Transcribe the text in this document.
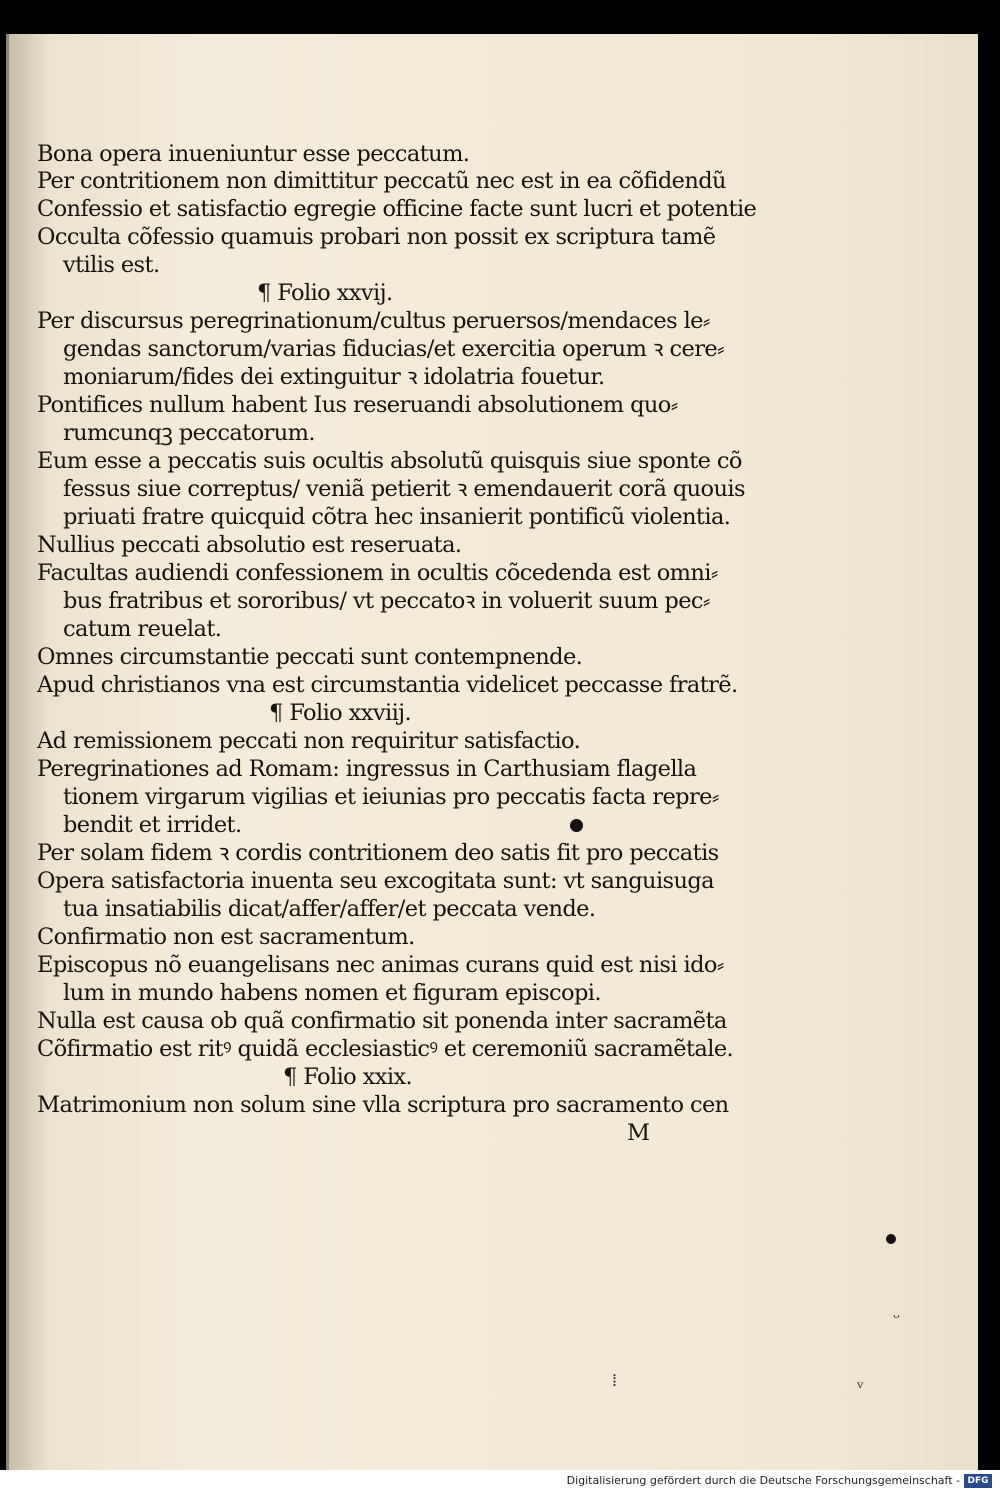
Bona opera inueniuntur esse peccatum.
Per contritionem non dimittitur peccatũ nec est in ea cõfidendũ
Confessio et satisfactio egregie officine facte sunt lucri et potentie
Occulta cõfessio quamuis probari non possit ex scriptura tamẽ
vtilis est.
¶ Folio xxvij.
Per discursus peregrinationum/cultus peruersos/mendaces le⸗
gendas sanctorum/varias fiducias/et exercitia operum ꝛ cere⸗
moniarum/fides dei extinguitur ꝛ idolatria fouetur.
Pontifices nullum habent Ius reseruandi absolutionem quo⸗
rumcunqꝫ peccatorum.
Eum esse a peccatis suis ocultis absolutũ quisquis siue sponte cõ
fessus siue correptus/ veniã petierit ꝛ emendauerit corã quouis
priuati fratre quicquid cõtra hec insanierit pontificũ violentia.
Nullius peccati absolutio est reseruata.
Facultas audiendi confessionem in ocultis cõcedenda est omni⸗
bus fratribus et sororibus/ vt peccatoꝛ in voluerit suum pec⸗
catum reuelat.
Omnes circumstantie peccati sunt contempnende.
Apud christianos vna est circumstantia videlicet peccasse fratrẽ.
¶ Folio xxviij.
Ad remissionem peccati non requiritur satisfactio.
Peregrinationes ad Romam: ingressus in Carthusiam flagella
tionem virgarum vigilias et ieiunias pro peccatis facta repre⸗
bendit et irridet.
Per solam fidem ꝛ cordis contritionem deo satis fit pro peccatis
Opera satisfactoria inuenta seu excogitata sunt: vt sanguisuga
tua insatiabilis dicat/affer/affer/et peccata vende.
Confirmatio non est sacramentum.
Episcopus nõ euangelisans nec animas curans quid est nisi ido⸗
lum in mundo habens nomen et figuram episcopi.
Nulla est causa ob quã confirmatio sit ponenda inter sacramẽta
Cõfirmatio est ritꝰ quidã ecclesiasticꝰ et ceremoniũ sacramẽtale.
¶ Folio xxix.
Matrimonium non solum sine vlla scriptura pro sacramento cen
M
ᵕ
ᵥ
⁞
Digitalisierung gefördert durch die Deutsche Forschungsgemeinschaft - DFG
